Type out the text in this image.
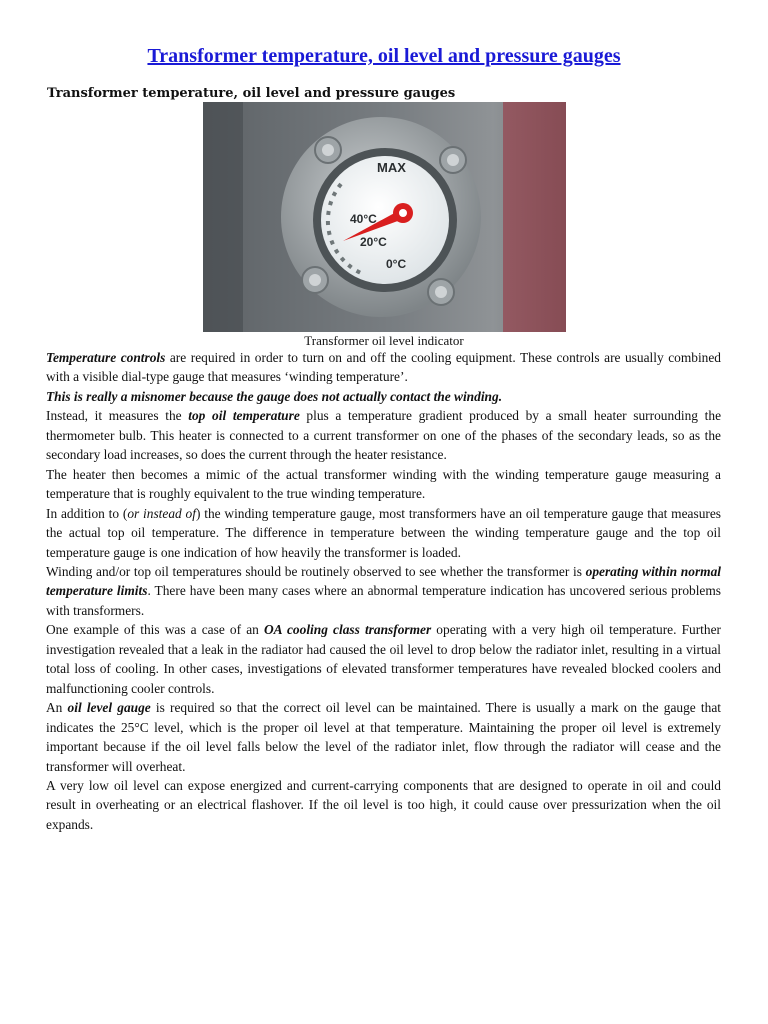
Transformer temperature, oil level and pressure gauges
Transformer temperature, oil level and pressure gauges
MAX
40°C
20°C
0°C
Transformer oil level indicator

Temperature controls are required in order to turn on and off the cooling equipment. These controls are usually combined with a visible dial-type gauge that measures ‘winding temperature’.

This is really a misnomer because the gauge does not actually contact the winding.

Instead, it measures the top oil temperature plus a temperature gradient produced by a small heater surrounding the thermometer bulb. This heater is connected to a current transformer on one of the phases of the secondary leads, so as the secondary load increases, so does the current through the heater resistance.

The heater then becomes a mimic of the actual transformer winding with the winding temperature gauge measuring a temperature that is roughly equivalent to the true winding temperature.

In addition to (or instead of) the winding temperature gauge, most transformers have an oil temperature gauge that measures the actual top oil temperature. The difference in temperature between the winding temperature gauge and the top oil temperature gauge is one indication of how heavily the transformer is loaded.

Winding and/or top oil temperatures should be routinely observed to see whether the transformer is operating within normal temperature limits. There have been many cases where an abnormal temperature indication has uncovered serious problems with transformers.

One example of this was a case of an OA cooling class transformer operating with a very high oil temperature. Further investigation revealed that a leak in the radiator had caused the oil level to drop below the radiator inlet, resulting in a virtual total loss of cooling. In other cases, investigations of elevated transformer temperatures have revealed blocked coolers and malfunctioning cooler controls.

An oil level gauge is required so that the correct oil level can be maintained. There is usually a mark on the gauge that indicates the 25°C level, which is the proper oil level at that temperature. Maintaining the proper oil level is extremely important because if the oil level falls below the level of the radiator inlet, flow through the radiator will cease and the transformer will overheat.

A very low oil level can expose energized and current-carrying components that are designed to operate in oil and could result in overheating or an electrical flashover. If the oil level is too high, it could cause over pressurization when the oil expands.
